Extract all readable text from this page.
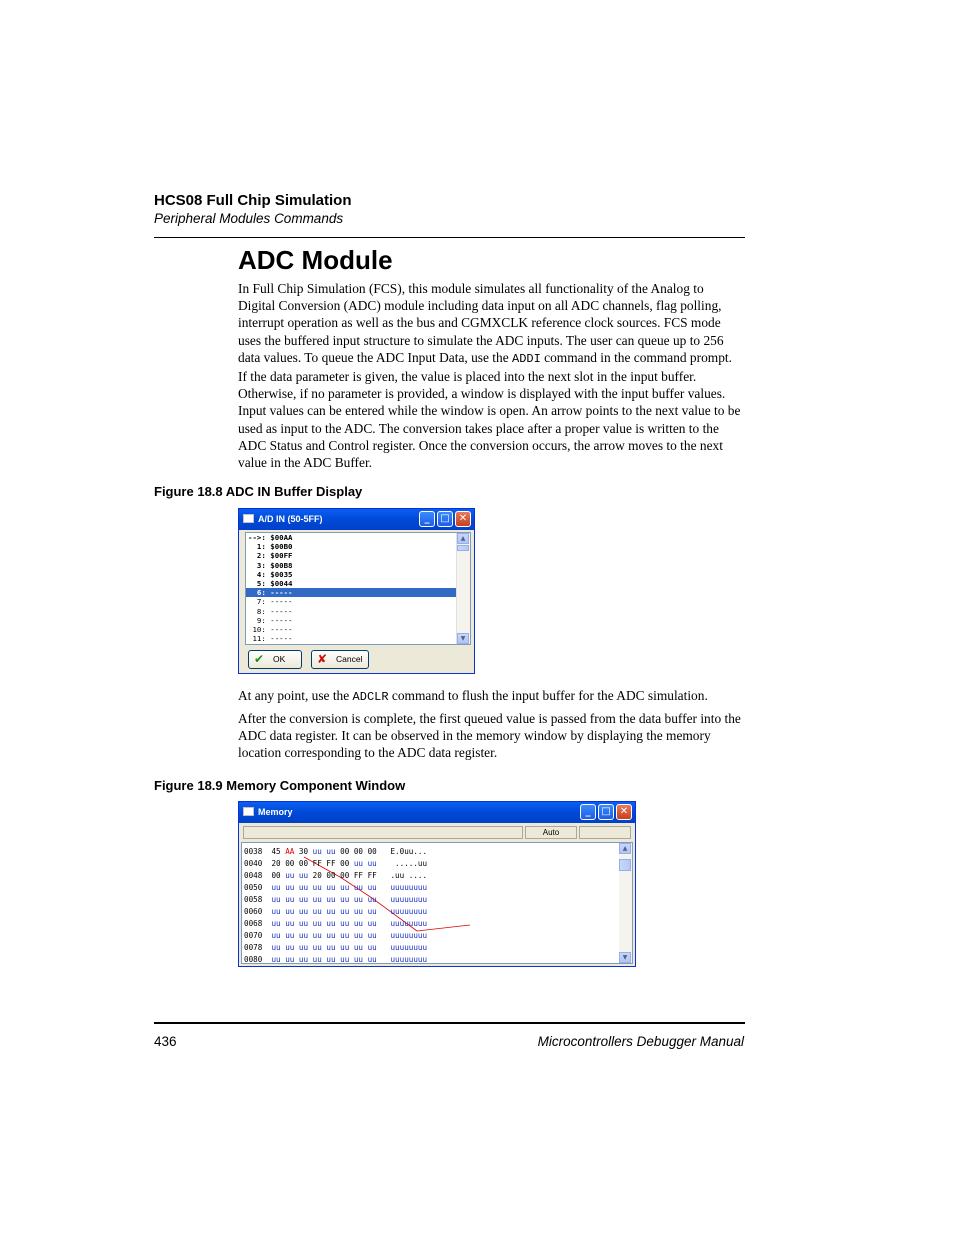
HCS08 Full Chip Simulation
Peripheral Modules Commands
ADC Module
In Full Chip Simulation (FCS), this module simulates all functionality of the Analog to Digital Conversion (ADC) module including data input on all ADC channels, flag polling, interrupt operation as well as the bus and CGMXCLK reference clock sources. FCS mode uses the buffered input structure to simulate the ADC inputs. The user can queue up to 256 data values. To queue the ADC Input Data, use the ADDI command in the command prompt. If the data parameter is given, the value is placed into the next slot in the input buffer. Otherwise, if no parameter is provided, a window is displayed with the input buffer values. Input values can be entered while the window is open. An arrow points to the next value to be used as input to the ADC. The conversion takes place after a proper value is written to the ADC Status and Control register. Once the conversion occurs, the arrow moves to the next value in the ADC Buffer.
Figure 18.8 ADC IN Buffer Display
A/D IN (50-5FF)	_	□ ✕
-->: $00AA
1: $00B0
2: $00FF
3: $00B8
4: $0035
5: $0044
6: -----
7: -----
8: -----
9: -----
10: -----
11: -----
▲
▼
✔ OK	✘ Cancel
At any point, use the ADCLR command to flush the input buffer for the ADC simulation.
After the conversion is complete, the first queued value is passed from the data buffer into the ADC data register. It can be observed in the memory window by displaying the memory location corresponding to the ADC data register.
Figure 18.9 Memory Component Window
Memory	_	□ ✕
Auto
0038 45 AA 30 uu uu 00 00 00 E.0uu...
0040 20 00 00 FF FF 00 uu uu    .....uu
0048 00 uu uu 20 00 00 FF FF .uu ....
0050 uu uu uu uu uu uu uu uu uuuuuuuu
0058 uu uu uu uu uu uu uu uu uuuuuuuu
0060 uu uu uu uu uu uu uu uu uuuuuuuu
0068 uu uu uu uu uu uu uu uu uuuuuuuu
0070 uu uu uu uu uu uu uu uu uuuuuuuu
0078 uu uu uu uu uu uu uu uu uuuuuuuu
0080 uu uu uu uu uu uu uu uu uuuuuuuu
▲
▼
436	Microcontrollers Debugger Manual
